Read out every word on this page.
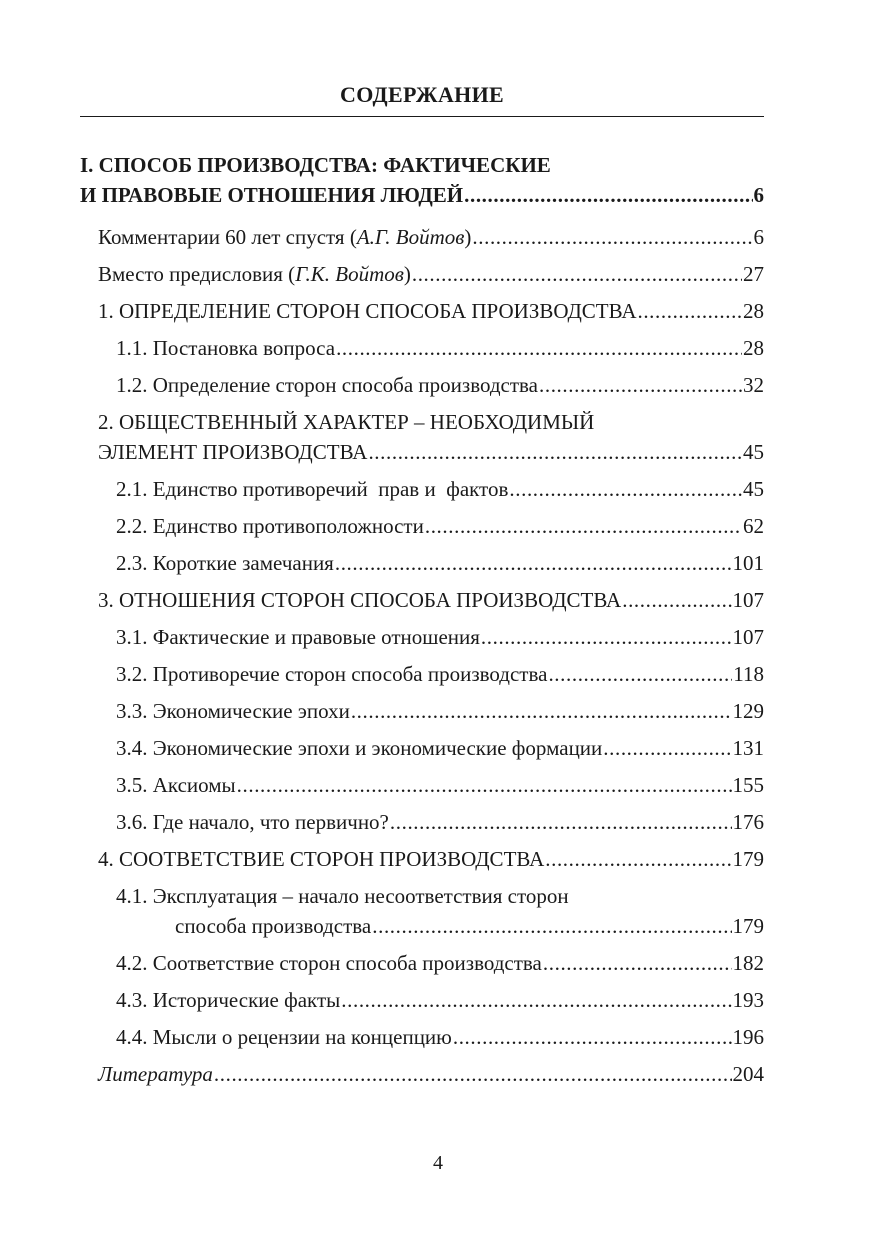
СОДЕРЖАНИЕ
I. СПОСОБ ПРОИЗВОДСТВА: ФАКТИЧЕСКИЕ
И ПРАВОВЫЕ ОТНОШЕНИЯ ЛЮДЕЙ .....	6
Комментарии 60 лет спустя (А.Г. Войтов) .....	6
Вместо предисловия (Г.К. Войтов) .....	27
1. ОПРЕДЕЛЕНИЕ СТОРОН СПОСОБА ПРОИЗВОДСТВА .....	28
1.1. Постановка вопроса .....	28
1.2. Определение сторон способа производства .....	32
2. ОБЩЕСТВЕННЫЙ ХАРАКТЕР – НЕОБХОДИМЫЙ
ЭЛЕМЕНТ ПРОИЗВОДСТВА .....	45
2.1. Единство противоречий  прав и  фактов .....	45
2.2. Единство противоположности .....	62
2.3. Короткие замечания .....	101
3. ОТНОШЕНИЯ СТОРОН СПОСОБА ПРОИЗВОДСТВА .....	107
3.1. Фактические и правовые отношения .....	107
3.2. Противоречие сторон способа производства .....	118
3.3. Экономические эпохи .....	129
3.4. Экономические эпохи и экономические формации .....	131
3.5. Аксиомы .....	155
3.6. Где начало, что первично? .....	176
4. СООТВЕТСТВИЕ СТОРОН ПРОИЗВОДСТВА .....	179
4.1. Эксплуатация – начало несоответствия сторон
способа производства .....	179
4.2. Соответствие сторон способа производства .....	182
4.3. Исторические факты .....	193
4.4. Мысли о рецензии на концепцию .....	196
Литература .....	204
4
